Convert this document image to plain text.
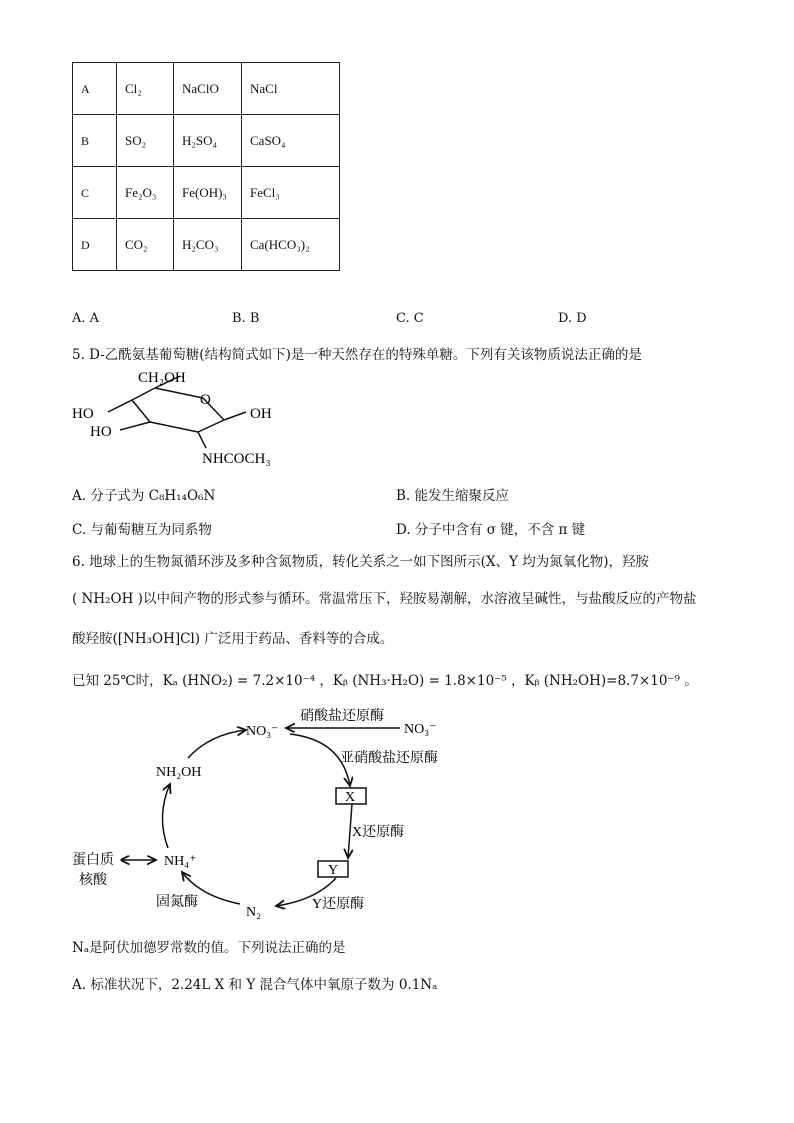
A	Cl₂	NaClO	NaCl
B	SO₂	H₂SO₄	CaSO₄
C	Fe₂O₃	Fe(OH)₃	FeCl₃
D	CO₂	H₂CO₃	Ca(HCO₃)₂
A. A	B. B	C. C	D. D
5. D-乙酰氨基葡萄糖(结构简式如下)是一种天然存在的特殊单糖。下列有关该物质说法正确的是
CH₂OH
O
HO	OH
HO
NHCOCH₃
A. 分子式为 C₈H₁₄O₆N	B. 能发生缩聚反应
C. 与葡萄糖互为同系物	D. 分子中含有 σ 键，不含 π 键
6. 地球上的生物氮循环涉及多种含氮物质，转化关系之一如下图所示(X、Y 均为氮氧化物)，羟胺
( NH₂OH )以中间产物的形式参与循环。常温常压下，羟胺易潮解，水溶液呈碱性，与盐酸反应的产物盐
酸羟胺([NH₃OH]Cl) 广泛用于药品、香料等的合成。
已知 25℃时，Kₐ (HNO₂) = 7.2×10⁻⁴ ，Kᵦ (NH₃·H₂O) = 1.8×10⁻⁵ ，Kᵦ (NH₂OH)=8.7×10⁻⁹ 。
NO₃⁻	NO₃⁻
硝酸盐还原酶
亚硝酸盐还原酶
X
X还原酶
Y
Y还原酶
N₂
固氮酶
NH₄⁺
蛋白质
核酸
NH₂OH
Nₐ是阿伏加德罗常数的值。下列说法正确的是
A. 标准状况下，2.24L X 和 Y 混合气体中氧原子数为 0.1Nₐ
